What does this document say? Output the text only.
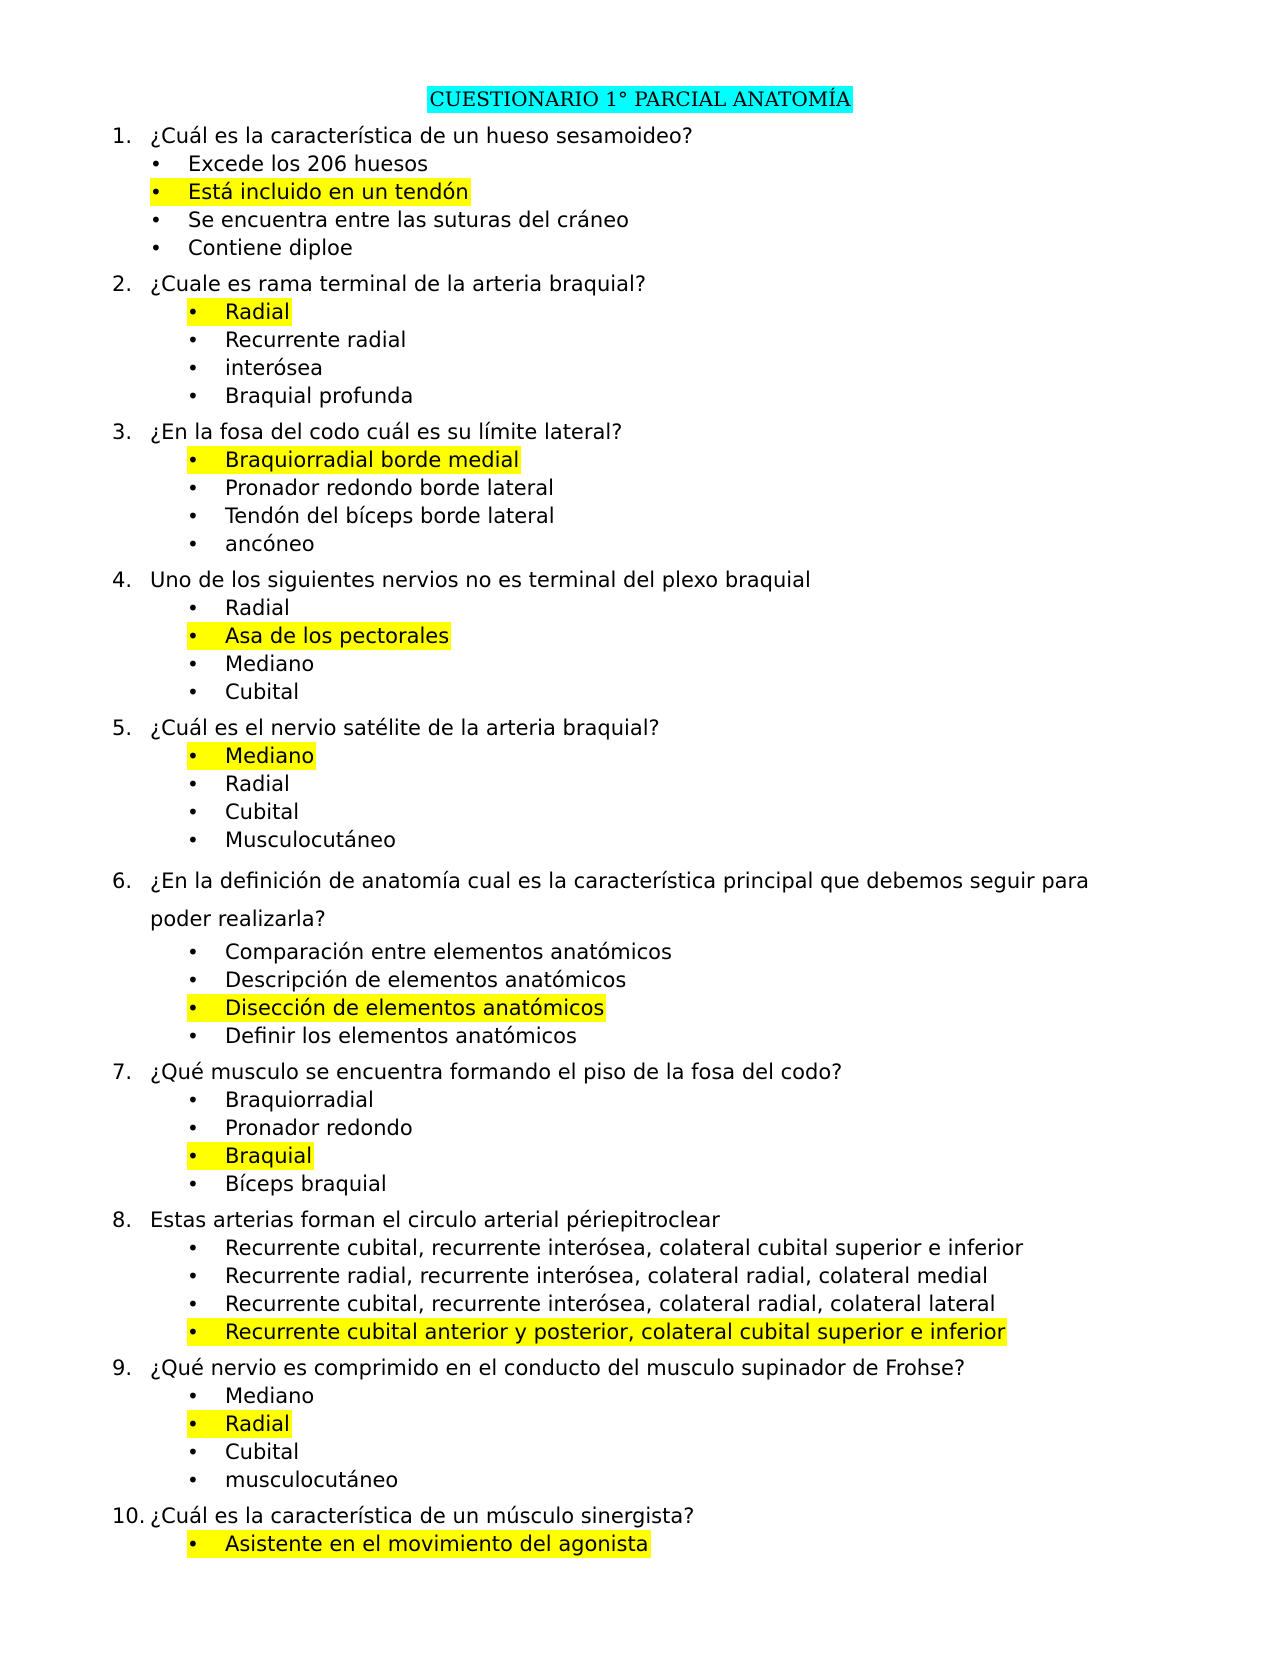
CUESTIONARIO 1° PARCIAL ANATOMÍA
1. ¿Cuál es la característica de un hueso sesamoideo?
• Excede los 206 huesos
• Está incluido en un tendón
• Se encuentra entre las suturas del cráneo
• Contiene diploe
2. ¿Cuale es rama terminal de la arteria braquial?
• Radial
• Recurrente radial
• interósea
• Braquial profunda
3. ¿En la fosa del codo cuál es su límite lateral?
• Braquiorradial borde medial
• Pronador redondo borde lateral
• Tendón del bíceps borde lateral
• ancóneo
4. Uno de los siguientes nervios no es terminal del plexo braquial
• Radial
• Asa de los pectorales
• Mediano
• Cubital
5. ¿Cuál es el nervio satélite de la arteria braquial?
• Mediano
• Radial
• Cubital
• Musculocutáneo
6. ¿En la definición de anatomía cual es la característica principal que debemos seguir para poder realizarla?
• Comparación entre elementos anatómicos
• Descripción de elementos anatómicos
• Disección de elementos anatómicos
• Definir los elementos anatómicos
7. ¿Qué musculo se encuentra formando el piso de la fosa del codo?
• Braquiorradial
• Pronador redondo
• Braquial
• Bíceps braquial
8. Estas arterias forman el circulo arterial périepitroclear
• Recurrente cubital, recurrente interósea, colateral cubital superior e inferior
• Recurrente radial, recurrente interósea, colateral radial, colateral medial
• Recurrente cubital, recurrente interósea, colateral radial, colateral lateral
• Recurrente cubital anterior y posterior, colateral cubital superior e inferior
9. ¿Qué nervio es comprimido en el conducto del musculo supinador de Frohse?
• Mediano
• Radial
• Cubital
• musculocutáneo
10. ¿Cuál es la característica de un músculo sinergista?
• Asistente en el movimiento del agonista
